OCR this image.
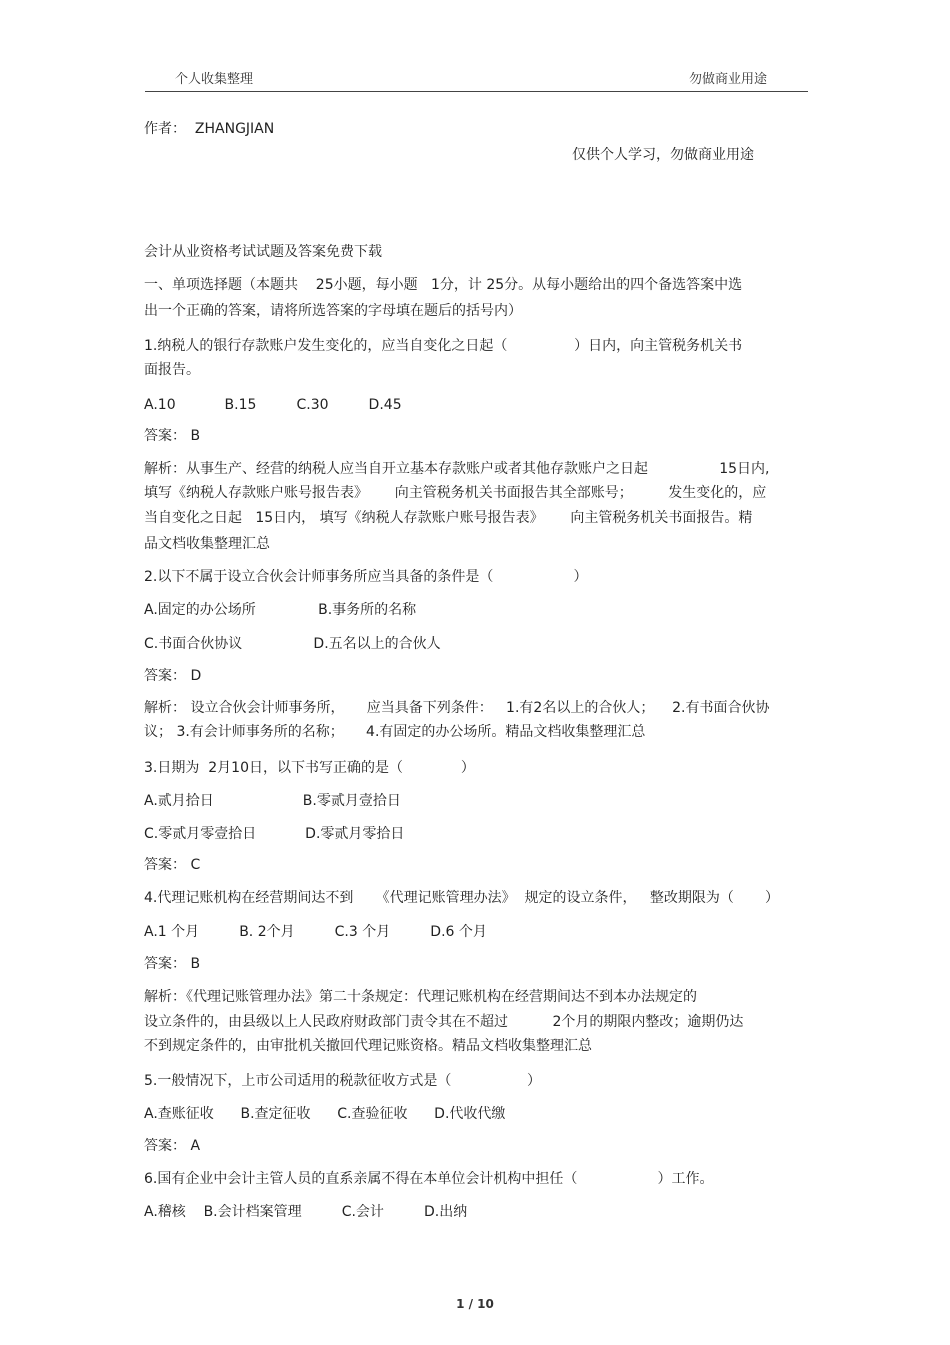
个人收集整理	勿做商业用途
作者：  ZHANGJIAN
仅供个人学习，勿做商业用途
会计从业资格考试试题及答案免费下载
一、单项选择题（本题共    25小题，每小题   1分，计 25分。从每小题给出的四个备选答案中选
出一个正确的答案，请将所选答案的字母填在题后的括号内）
1.纳税人的银行存款账户发生变化的，应当自变化之日起（               ）日内，向主管税务机关书
面报告。
A.10           B.15         C.30         D.45
答案： B
解析：从事生产、经营的纳税人应当自开立基本存款账户或者其他存款账户之日起                15日内,
填写《纳税人存款账户账号报告表》      向主管税务机关书面报告其全部账号；        发生变化的，应
当自变化之日起   15日内， 填写《纳税人存款账户账号报告表》      向主管税务机关书面报告。精
品文档收集整理汇总
2.以下不属于设立合伙会计师事务所应当具备的条件是（                  ）
A.固定的办公场所              B.事务所的名称
C.书面合伙协议                D.五名以上的合伙人
答案： D
解析： 设立合伙会计师事务所，     应当具备下列条件：   1.有2名以上的合伙人；    2.有书面合伙协
议； 3.有会计师事务所的名称；     4.有固定的办公场所。精品文档收集整理汇总
3.日期为  2月10日，以下书写正确的是（             ）
A.贰月拾日                    B.零贰月壹拾日
C.零贰月零壹拾日           D.零贰月零拾日
答案： C
4.代理记账机构在经营期间达不到     《代理记账管理办法》  规定的设立条件，   整改期限为（       ）
A.1 个月         B. 2个月         C.3 个月         D.6 个月
答案： B
解析：《代理记账管理办法》第二十条规定：代理记账机构在经营期间达不到本办法规定的
设立条件的，由县级以上人民政府财政部门责令其在不超过          2个月的期限内整改；逾期仍达
不到规定条件的，由审批机关撤回代理记账资格。精品文档收集整理汇总
5.一般情况下，上市公司适用的税款征收方式是（                 ）
A.查账征收      B.查定征收      C.查验征收      D.代收代缴
答案： A
6.国有企业中会计主管人员的直系亲属不得在本单位会计机构中担任（                  ）工作。
A.稽核    B.会计档案管理         C.会计         D.出纳
1 / 10
